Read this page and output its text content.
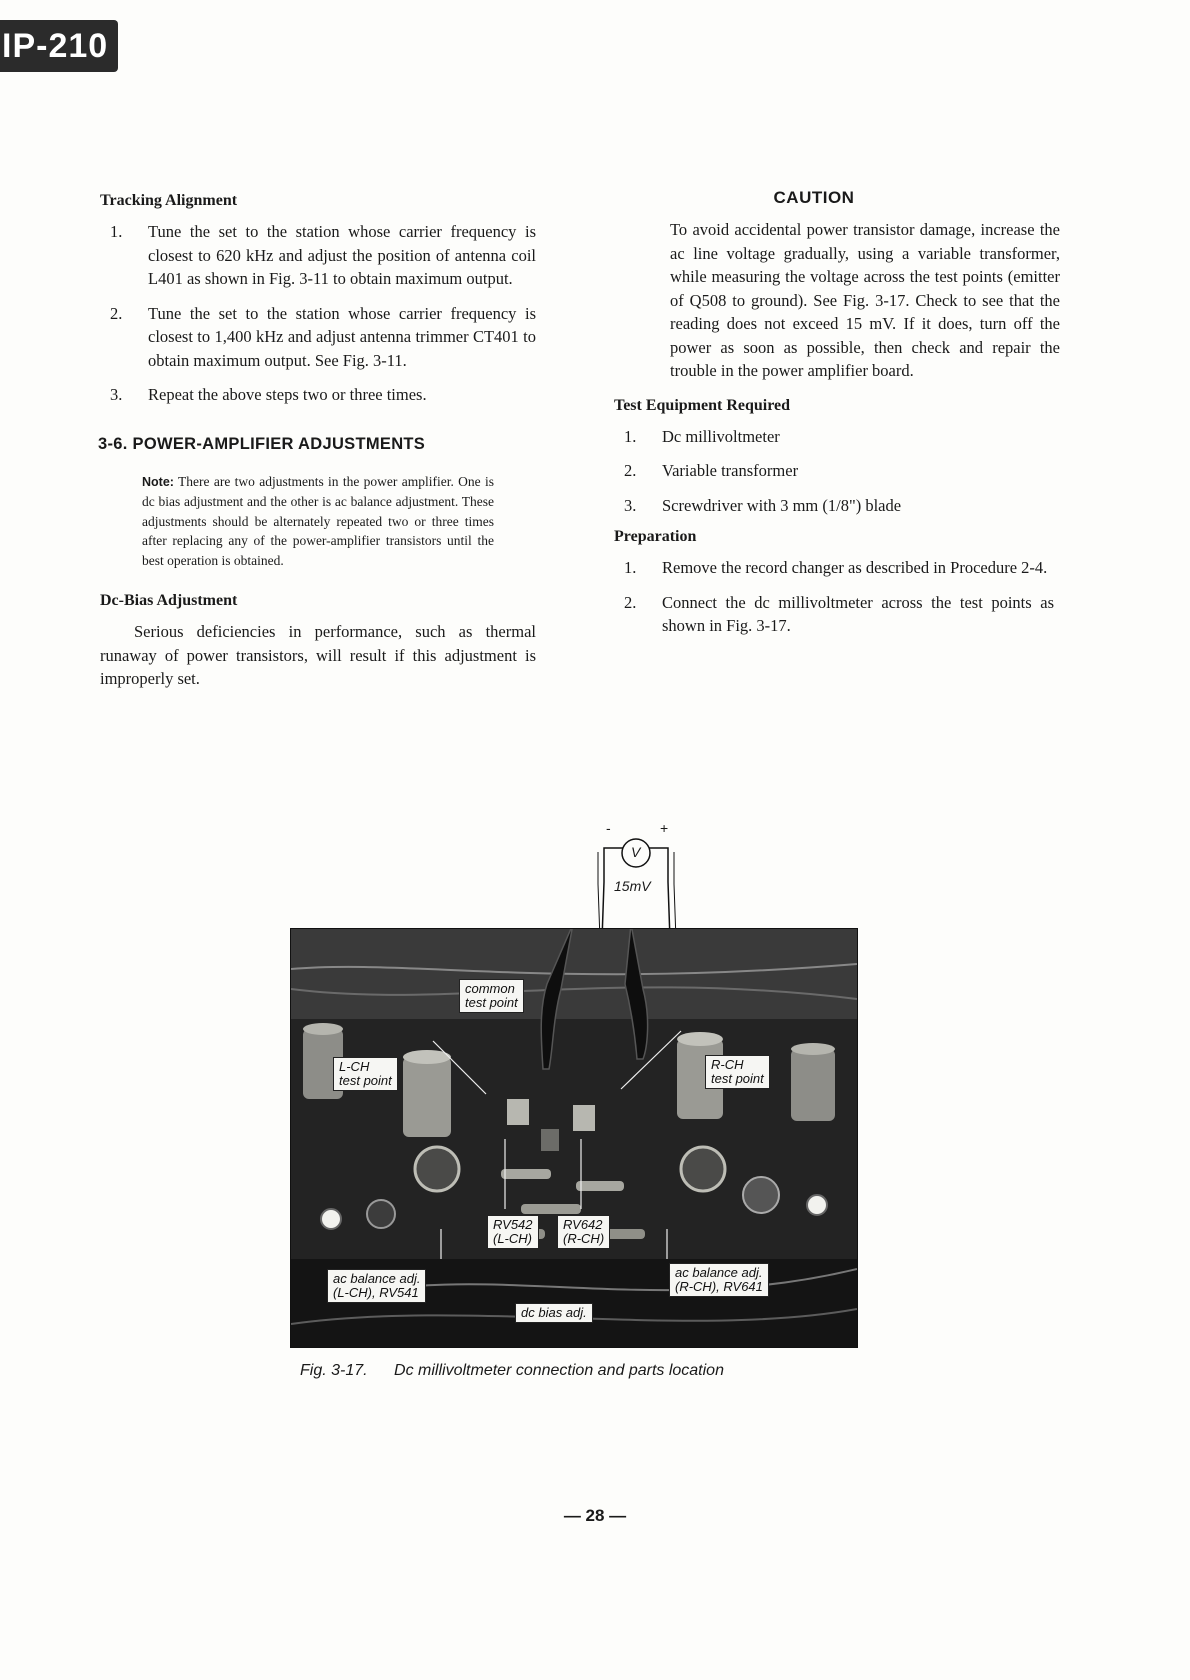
IP-210
Tracking Alignment
1. Tune the set to the station whose carrier frequency is closest to 620 kHz and adjust the position of antenna coil L401 as shown in Fig. 3-11 to obtain maximum output.
2. Tune the set to the station whose carrier frequency is closest to 1,400 kHz and adjust antenna trimmer CT401 to obtain maximum output. See Fig. 3-11.
3. Repeat the above steps two or three times.
3-6. POWER-AMPLIFIER ADJUSTMENTS
Note: There are two adjustments in the power amplifier. One is dc bias adjustment and the other is ac balance adjustment. These adjustments should be alternately repeated two or three times after replacing any of the power-amplifier transistors until the best operation is obtained.
Dc-Bias Adjustment
Serious deficiencies in performance, such as thermal runaway of power transistors, will result if this adjustment is improperly set.
CAUTION
To avoid accidental power transistor damage, increase the ac line voltage gradually, using a variable transformer, while measuring the voltage across the test points (emitter of Q508 to ground). See Fig. 3-17. Check to see that the reading does not exceed 15 mV. If it does, turn off the power as soon as possible, then check and repair the trouble in the power amplifier board.
Test Equipment Required
1. Dc millivoltmeter
2. Variable transformer
3. Screwdriver with 3 mm (1/8") blade
Preparation
1. Remove the record changer as described in Procedure 2-4.
2. Connect the dc millivoltmeter across the test points as shown in Fig. 3-17.
-	+
V
15mV
common
test point
L-CH
test point
R-CH
test point
RV542
(L-CH)
RV642
(R-CH)
ac balance adj.
(L-CH), RV541
ac balance adj.
(R-CH), RV641
dc bias adj.
Fig. 3-17. Dc millivoltmeter connection and parts location
— 28 —
